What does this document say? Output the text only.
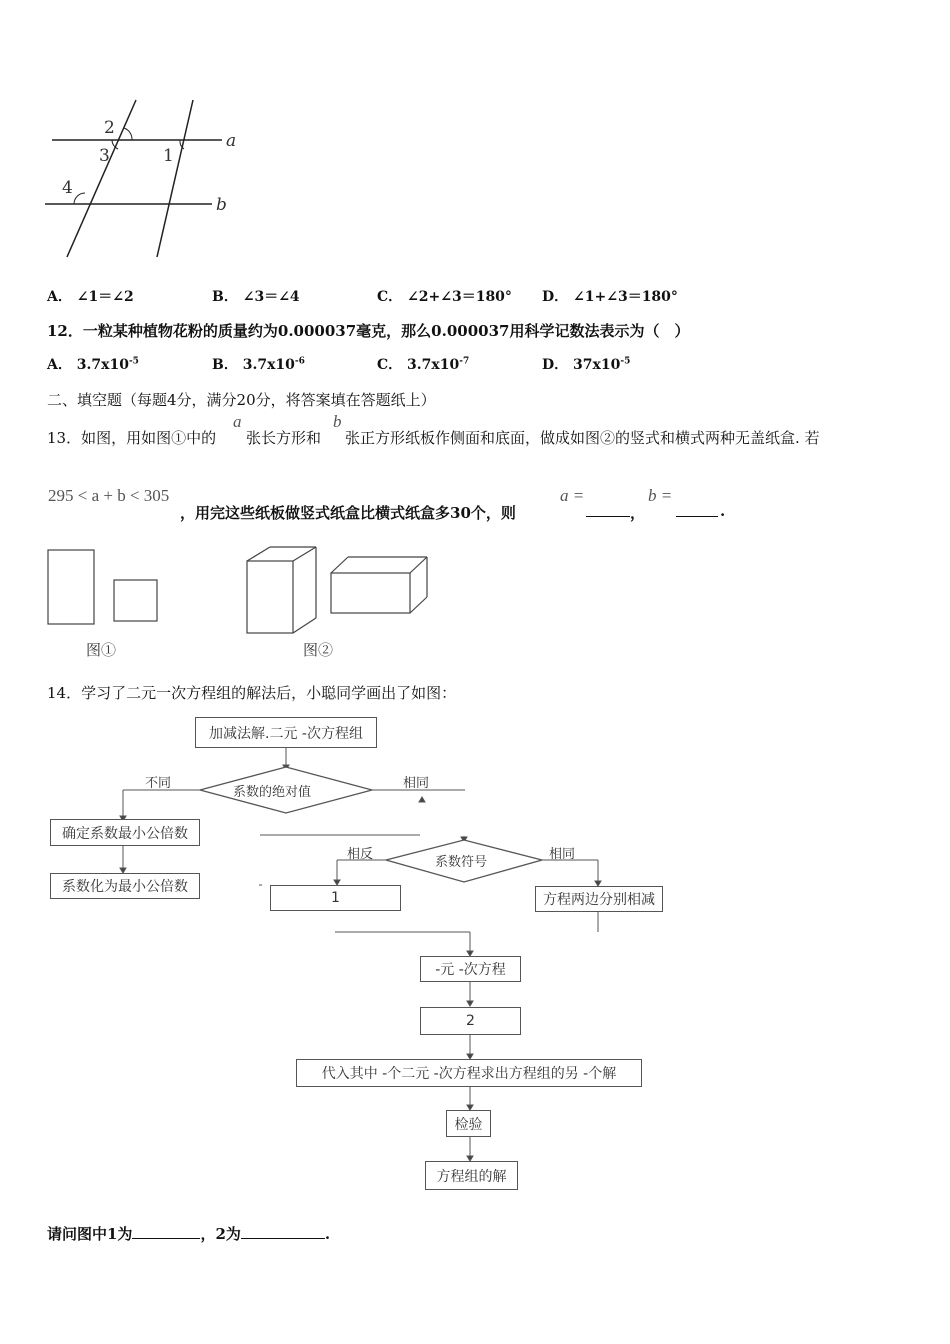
2
3	1
4
a
b
A． ∠1＝∠2	B． ∠3＝∠4	C． ∠2+∠3＝180° D． ∠1+∠3＝180°
12．一粒某种植物花粉的质量约为0.000037毫克，那么0.000037用科学记数法表示为（　）
A． $3.7x10^{-5}$	B． $3.7x10^{-6}$	C． $3.7x10^{-7}$	D． $37x10^{-5}$
二、填空题（每题4分，满分20分，将答案填在答题纸上）
13．如图，用如图①中的
a
张长方形和
b
张正方形纸板作侧面和底面，做成如图②的竖式和横式两种无盖纸盒. 若
295 < a + b < 305
，用完这些纸板做竖式纸盒比横式纸盒多30个，则
a =
，
b =
.
图①	图②
14．学习了二元一次方程组的解法后，小聪同学画出了如图：
加减法解.二元 -次方程组
系数的绝对值
不同	相同
确定系数最小公倍数
系数化为最小公倍数
系数符号
相反	相同
1	方程两边分别相减
-元 -次方程
2
代入其中 -个二元 -次方程求出方程组的另 -个解
检验
方程组的解
请问图中1为	，2为	.
